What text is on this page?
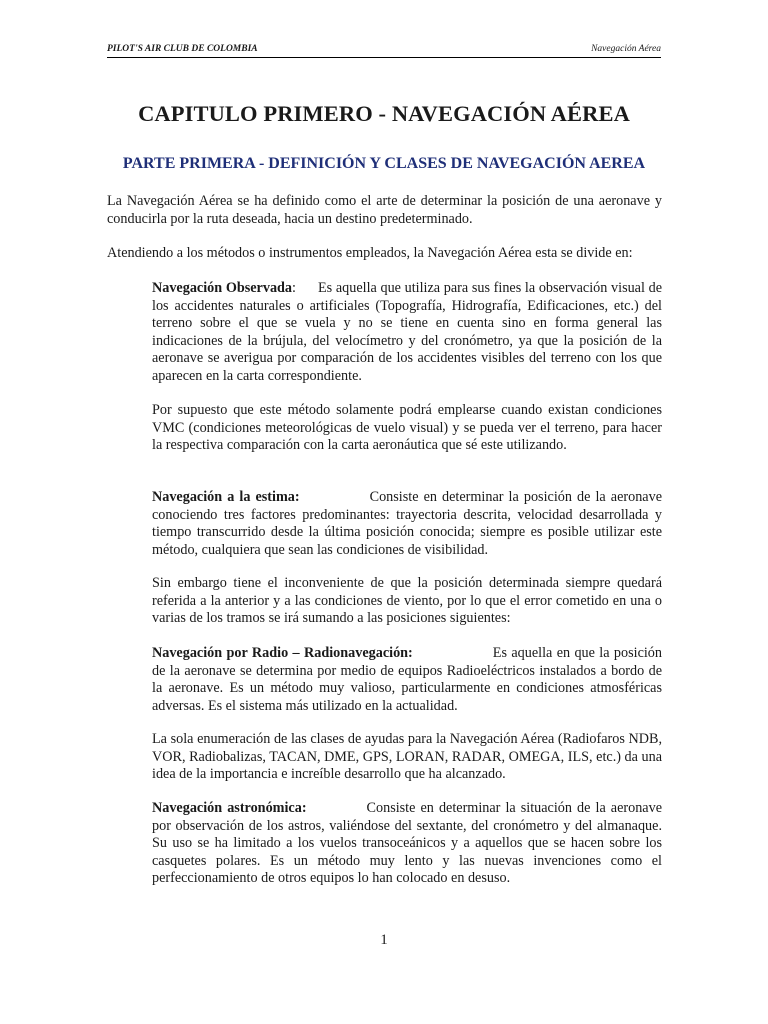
PILOT'S AIR CLUB DE COLOMBIA	Navegación Aérea
CAPITULO PRIMERO - NAVEGACIÓN AÉREA
PARTE PRIMERA - DEFINICIÓN Y CLASES DE NAVEGACIÓN AEREA
La Navegación Aérea se ha definido como el arte de determinar la posición de una aeronave y conducirla por la ruta deseada, hacia un destino predeterminado.
Atendiendo a los métodos o instrumentos empleados, la Navegación Aérea esta se divide en:
Navegación Observada: Es aquella que utiliza para sus fines la observación visual de los accidentes naturales o artificiales (Topografía, Hidrografía, Edificaciones, etc.) del terreno sobre el que se vuela y no se tiene en cuenta sino en forma general las indicaciones de la brújula, del velocímetro y del cronómetro, ya que la posición de la aeronave se averigua por comparación de los accidentes visibles del terreno con los que aparecen en la carta correspondiente.
Por supuesto que este método solamente podrá emplearse cuando existan condiciones VMC (condiciones meteorológicas de vuelo visual) y se pueda ver el terreno, para hacer la respectiva comparación con la carta aeronáutica que sé este utilizando.
Navegación a la estima:	Consiste en determinar la posición de la aeronave conociendo tres factores predominantes: trayectoria descrita, velocidad desarrollada y tiempo transcurrido desde la última posición conocida; siempre es posible utilizar este método, cualquiera que sean las condiciones de visibilidad.
Sin embargo tiene el inconveniente de que la posición determinada siempre quedará referida a la anterior y a las condiciones de viento, por lo que el error cometido en una o varias de los tramos se irá sumando a las posiciones siguientes:
Navegación por Radio – Radionavegación:	Es aquella en que la posición de la aeronave se determina por medio de equipos Radioeléctricos instalados a bordo de la aeronave. Es un método muy valioso, particularmente en condiciones atmosféricas adversas. Es el sistema más utilizado en la actualidad.
La sola enumeración de las clases de ayudas para la Navegación Aérea (Radiofaros NDB, VOR, Radiobalizas, TACAN, DME, GPS, LORAN, RADAR, OMEGA, ILS, etc.) da una idea de la importancia e increíble desarrollo que ha alcanzado.
Navegación astronómica:	Consiste en determinar la situación de la aeronave por observación de los astros, valiéndose del sextante, del cronómetro y del almanaque. Su uso se ha limitado a los vuelos transoceánicos y a aquellos que se hacen sobre los casquetes polares. Es un método muy lento y las nuevas invenciones como el perfeccionamiento de otros equipos lo han colocado en desuso.
1
